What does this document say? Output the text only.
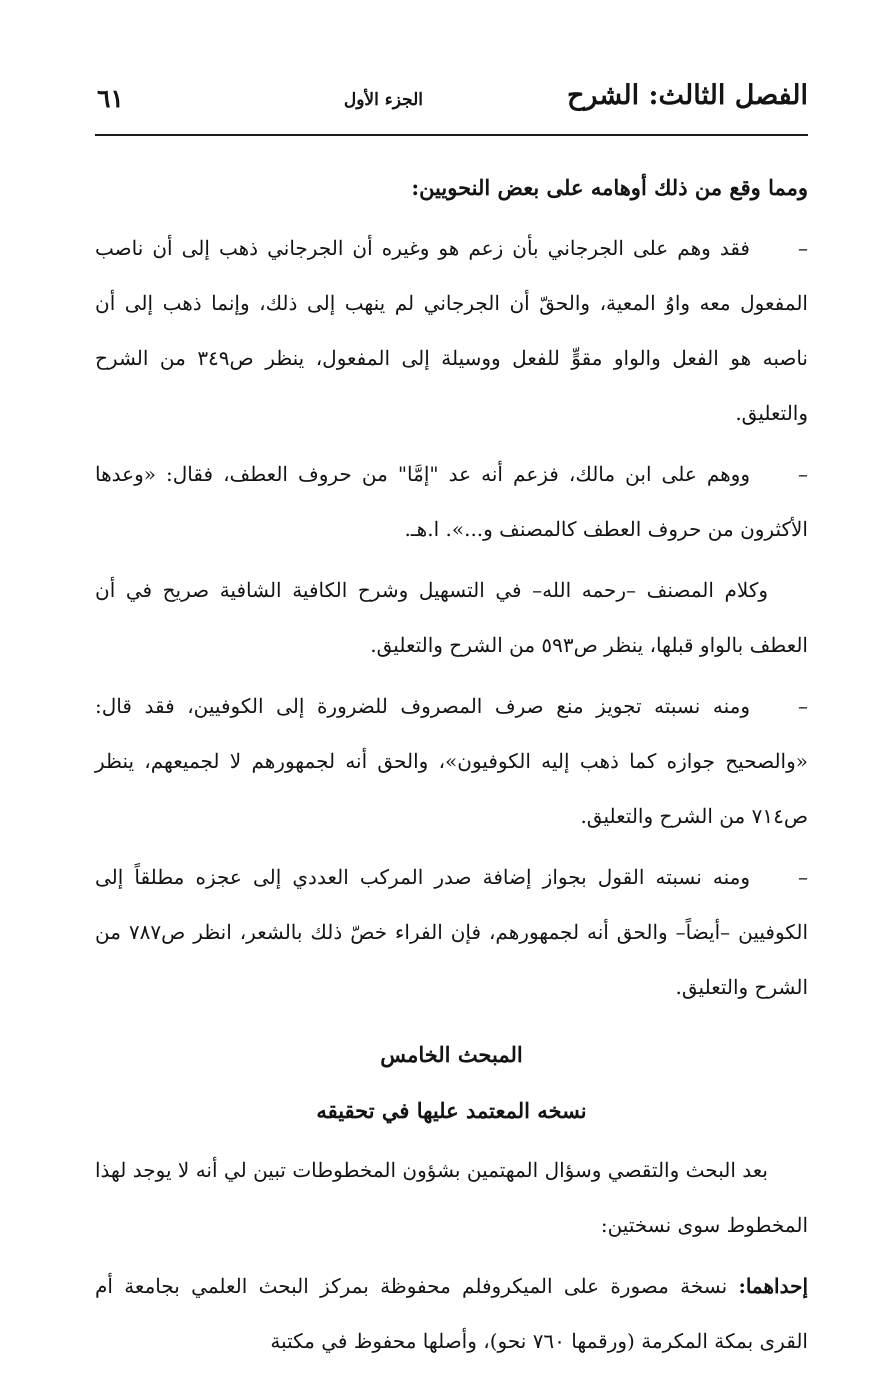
الفصل الثالث: الشرح
الجزء الأول
٦١

ومما وقع من ذلك أوهامه على بعض النحويين:

–فقد وهم على الجرجاني بأن زعم هو وغيره أن الجرجاني ذهب إلى أن ناصب المفعول معه واوُ المعية، والحقّ أن الجرجاني لم ينهب إلى ذلك، وإنما ذهب إلى أن ناصبه هو الفعل والواو مقوٍّ للفعل ووسيلة إلى المفعول، ينظر ص٣٤٩ من الشرح والتعليق.

–ووهم على ابن مالك، فزعم أنه عد "إمَّا" من حروف العطف، فقال: «وعدها الأكثرون من حروف العطف كالمصنف و...». ا.هـ.

وكلام المصنف –رحمه الله– في التسهيل وشرح الكافية الشافية صريح في أن العطف بالواو قبلها، ينظر ص٥٩٣ من الشرح والتعليق.

–ومنه نسبته تجويز منع صرف المصروف للضرورة إلى الكوفيين، فقد قال: «والصحيح جوازه كما ذهب إليه الكوفيون»، والحق أنه لجمهورهم لا لجميعهم، ينظر ص٧١٤ من الشرح والتعليق.

–ومنه نسبته القول بجواز إضافة صدر المركب العددي إلى عجزه مطلقاً إلى الكوفيين –أيضاً– والحق أنه لجمهورهم، فإن الفراء خصّ ذلك بالشعر، انظر ص٧٨٧ من الشرح والتعليق.

المبحث الخامس

نسخه المعتمد عليها في تحقيقه

بعد البحث والتقصي وسؤال المهتمين بشؤون المخطوطات تبين لي أنه لا يوجد لهذا المخطوط سوى نسختين:

إحداهما: نسخة مصورة على الميكروفلم محفوظة بمركز البحث العلمي بجامعة أم القرى بمكة المكرمة (ورقمها ٧٦٠ نحو)، وأصلها محفوظ في مكتبة
